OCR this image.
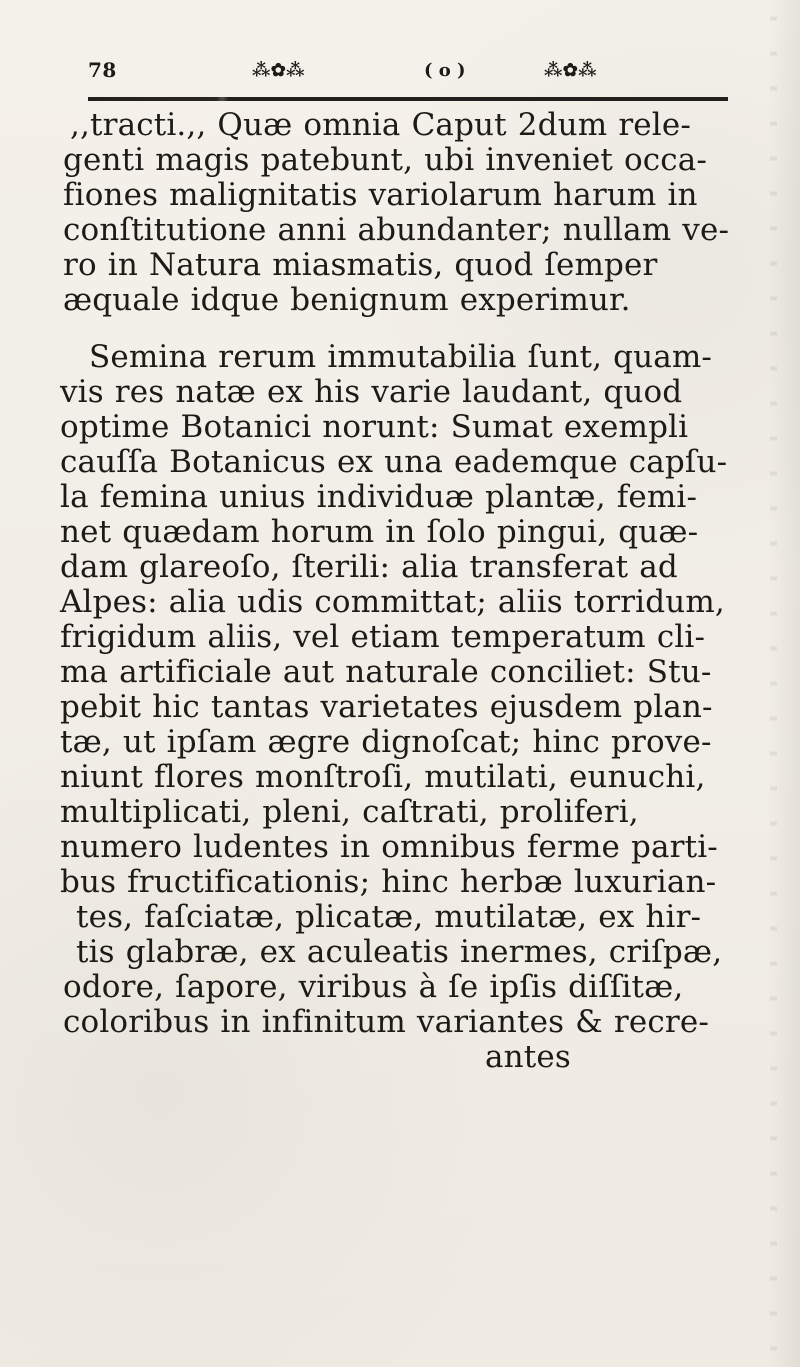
78	⁂✿⁂	( o )	⁂✿⁂
,,tracti.,, Quæ omnia Caput 2dum rele-
genti magis patebunt, ubi inveniet occa-
fiones malignitatis variolarum harum in
conſtitutione anni abundanter; nullam ve-
ro in Natura miasmatis, quod ſemper
æquale idque benignum experimur.
Semina rerum immutabilia ſunt, quam-
vis res natæ ex his varie laudant, quod
optime Botanici norunt: Sumat exempli
cauſſa Botanicus ex una eademque capſu-
la femina unius individuæ plantæ, femi-
net quædam horum in ſolo pingui, quæ-
dam glareoſo, ſterili: alia transferat ad
Alpes: alia udis committat; aliis torridum,
frigidum aliis, vel etiam temperatum cli-
ma artificiale aut naturale conciliet: Stu-
pebit hic tantas varietates ejusdem plan-
tæ, ut ipſam ægre dignoſcat; hinc prove-
niunt flores monſtroſi, mutilati, eunuchi,
multiplicati, pleni, caſtrati, proliferi,
numero ludentes in omnibus ferme parti-
bus fructificationis; hinc herbæ luxurian-
tes, faſciatæ, plicatæ, mutilatæ, ex hir-
tis glabræ, ex aculeatis inermes, criſpæ,
odore, ſapore, viribus à ſe ipſis diſſitæ,
coloribus in infinitum variantes & recre-
antes
